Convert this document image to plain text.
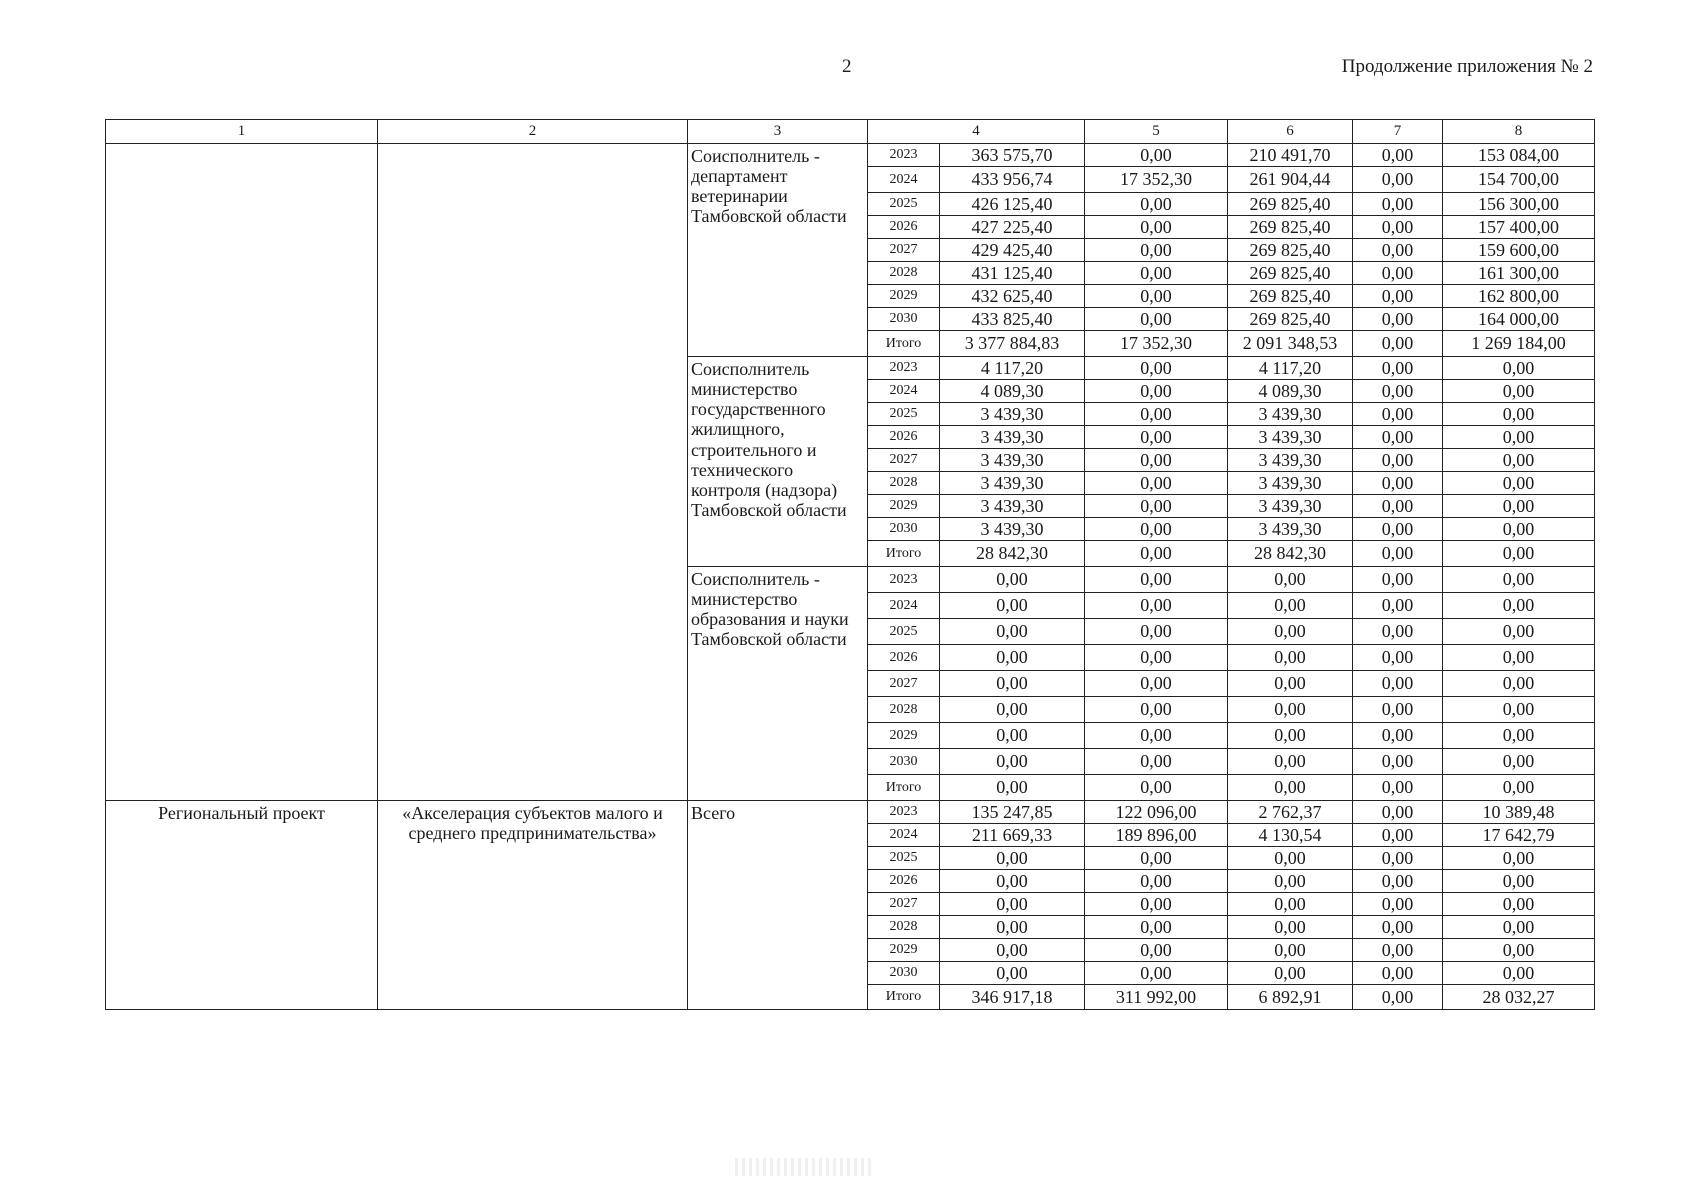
2	Продолжение приложения № 2
1	2	3	4		5	6	7	8
		Соисполнитель - департамент ветеринарии Тамбовской области	2023	363 575,70	0,00	210 491,70	0,00	153 084,00
			2024	433 956,74	17 352,30	261 904,44	0,00	154 700,00
			2025	426 125,40	0,00	269 825,40	0,00	156 300,00
			2026	427 225,40	0,00	269 825,40	0,00	157 400,00
			2027	429 425,40	0,00	269 825,40	0,00	159 600,00
			2028	431 125,40	0,00	269 825,40	0,00	161 300,00
			2029	432 625,40	0,00	269 825,40	0,00	162 800,00
			2030	433 825,40	0,00	269 825,40	0,00	164 000,00
			Итого	3 377 884,83	17 352,30	2 091 348,53	0,00	1 269 184,00
		Соисполнитель министерство государственного жилищного, строительного и технического контроля (надзора) Тамбовской области	2023	4 117,20	0,00	4 117,20	0,00	0,00
			2024	4 089,30	0,00	4 089,30	0,00	0,00
			2025	3 439,30	0,00	3 439,30	0,00	0,00
			2026	3 439,30	0,00	3 439,30	0,00	0,00
			2027	3 439,30	0,00	3 439,30	0,00	0,00
			2028	3 439,30	0,00	3 439,30	0,00	0,00
			2029	3 439,30	0,00	3 439,30	0,00	0,00
			2030	3 439,30	0,00	3 439,30	0,00	0,00
			Итого	28 842,30	0,00	28 842,30	0,00	0,00
		Соисполнитель - министерство образования и науки Тамбовской области	2023	0,00	0,00	0,00	0,00	0,00
			2024	0,00	0,00	0,00	0,00	0,00
			2025	0,00	0,00	0,00	0,00	0,00
			2026	0,00	0,00	0,00	0,00	0,00
			2027	0,00	0,00	0,00	0,00	0,00
			2028	0,00	0,00	0,00	0,00	0,00
			2029	0,00	0,00	0,00	0,00	0,00
			2030	0,00	0,00	0,00	0,00	0,00
			Итого	0,00	0,00	0,00	0,00	0,00
Региональный проект	«Акселерация субъектов малого и среднего предпринимательства»	Всего	2023	135 247,85	122 096,00	2 762,37	0,00	10 389,48
			2024	211 669,33	189 896,00	4 130,54	0,00	17 642,79
			2025	0,00	0,00	0,00	0,00	0,00
			2026	0,00	0,00	0,00	0,00	0,00
			2027	0,00	0,00	0,00	0,00	0,00
			2028	0,00	0,00	0,00	0,00	0,00
			2029	0,00	0,00	0,00	0,00	0,00
			2030	0,00	0,00	0,00	0,00	0,00
			Итого	346 917,18	311 992,00	6 892,91	0,00	28 032,27
